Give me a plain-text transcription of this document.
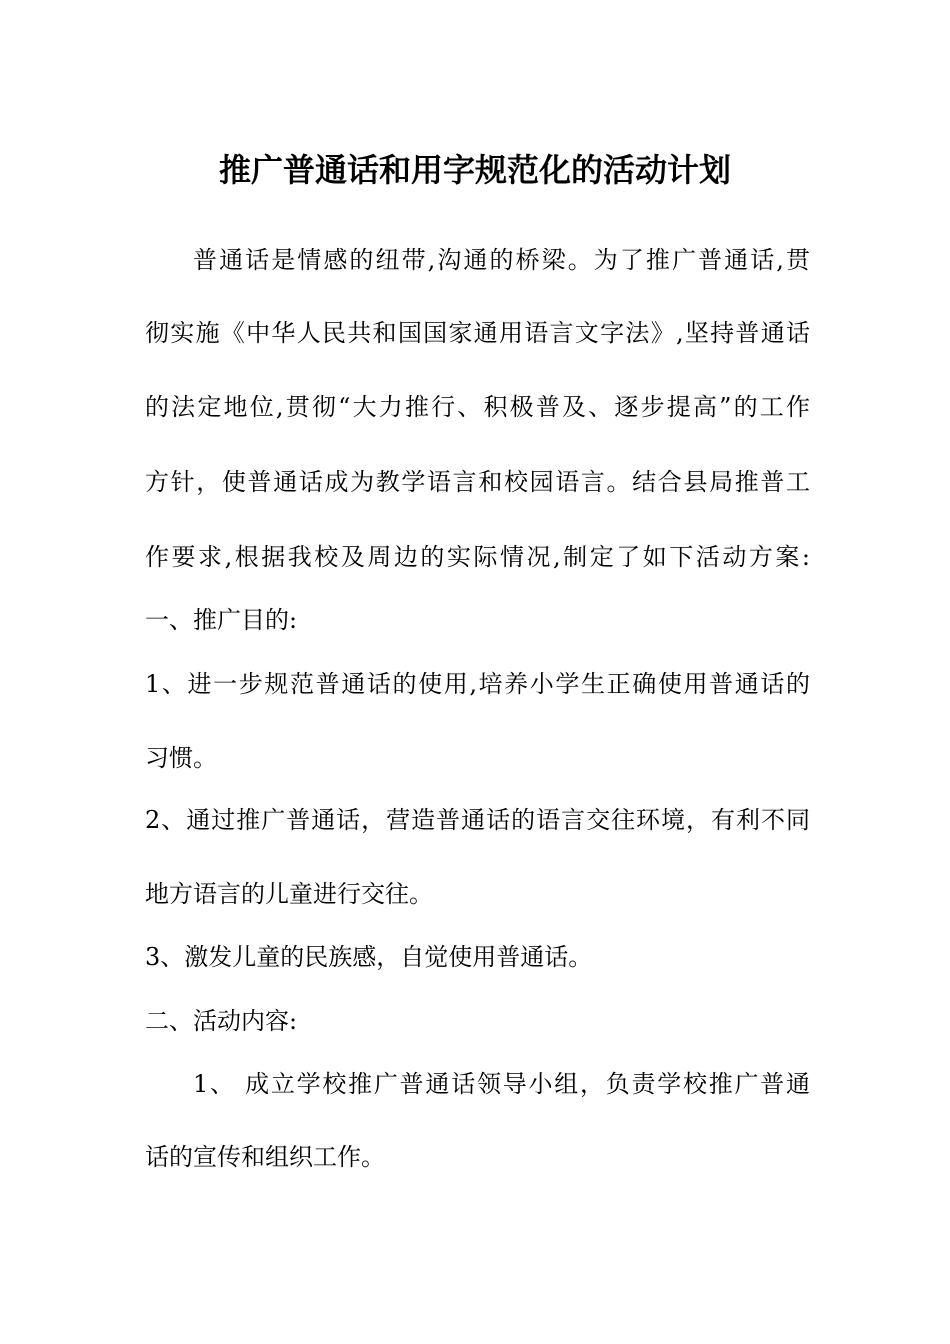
推广普通话和用字规范化的活动计划
普通话是情感的纽带,沟通的桥梁。为了推广普通话,贯
彻实施《中华人民共和国国家通用语言文字法》,坚持普通话
的法定地位,贯彻“大力推行、积极普及、逐步提高”的工作
方针，使普通话成为教学语言和校园语言。结合县局推普工
作要求,根据我校及周边的实际情况,制定了如下活动方案:
一、推广目的:
1、进一步规范普通话的使用,培养小学生正确使用普通话的
习惯。
2、通过推广普通话，营造普通话的语言交往环境，有利不同
地方语言的儿童进行交往。
3、激发儿童的民族感，自觉使用普通话。
二、活动内容:
1、 成立学校推广普通话领导小组，负责学校推广普通
话的宣传和组织工作。
